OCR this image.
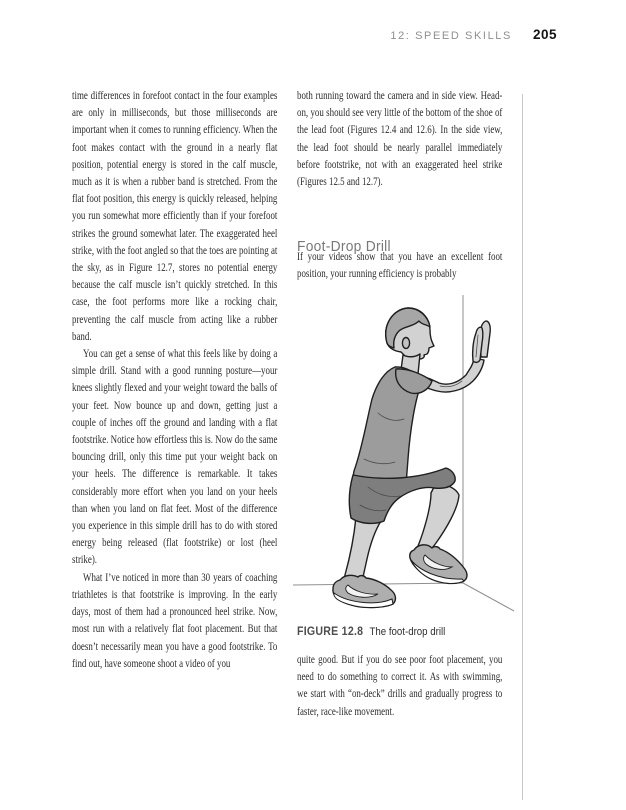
12: SPEED SKILLS 205

time differences in forefoot contact in the four examples are only in milliseconds, but those milliseconds are important when it comes to running efficiency. When the foot makes contact with the ground in a nearly flat position, potential energy is stored in the calf muscle, much as it is when a rubber band is stretched. From the flat foot position, this energy is quickly released, helping you run somewhat more efficiently than if your forefoot strikes the ground somewhat later. The exaggerated heel strike, with the foot angled so that the toes are pointing at the sky, as in Figure 12.7, stores no potential energy because the calf muscle isn’t quickly stretched. In this case, the foot performs more like a rocking chair, preventing the calf muscle from acting like a rubber band.

You can get a sense of what this feels like by doing a simple drill. Stand with a good running posture—your knees slightly flexed and your weight toward the balls of your feet. Now bounce up and down, getting just a couple of inches off the ground and landing with a flat footstrike. Notice how effortless this is. Now do the same bouncing drill, only this time put your weight back on your heels. The difference is remarkable. It takes considerably more effort when you land on your heels than when you land on flat feet. Most of the difference you experience in this simple drill has to do with stored energy being released (flat footstrike) or lost (heel strike).

What I’ve noticed in more than 30 years of coaching triathletes is that footstrike is improving. In the early days, most of them had a pronounced heel strike. Now, most run with a relatively flat foot placement. But that doesn’t necessarily mean you have a good footstrike. To find out, have someone shoot a video of you

both running toward the camera and in side view. Head-on, you should see very little of the bottom of the shoe of the lead foot (Figures 12.4 and 12.6). In the side view, the lead foot should be nearly parallel immediately before footstrike, not with an exaggerated heel strike (Figures 12.5 and 12.7).

Foot-Drop Drill

If your videos show that you have an excellent foot position, your running efficiency is probably

FIGURE 12.8 The foot-drop drill

quite good. But if you do see poor foot placement, you need to do something to correct it. As with swimming, we start with “on-deck” drills and gradually progress to faster, race-like movement.
